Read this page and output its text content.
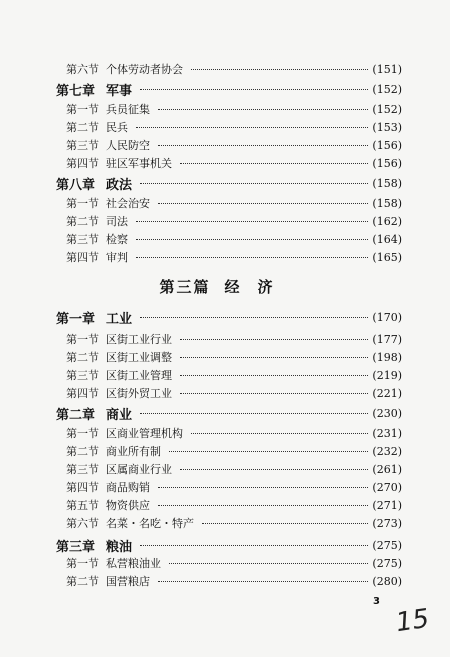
第六节 个体劳动者协会	(151)
第七章 军事	(152)
第一节 兵员征集	(152)
第二节 民兵	(153)
第三节 人民防空	(156)
第四节 驻区军事机关	(156)
第八章 政法	(158)
第一节 社会治安	(158)
第二节 司法	(162)
第三节 检察	(164)
第四节 审判	(165)
第一章 工业	(170)
第一节 区街工业行业	(177)
第二节 区街工业调整	(198)
第三节 区街工业管理	(219)
第四节 区街外贸工业	(221)
第二章 商业	(230)
第一节 区商业管理机构	(231)
第二节 商业所有制	(232)
第三节 区属商业行业	(261)
第四节 商品购销	(270)
第五节 物资供应	(271)
第六节 名菜・名吃・特产	(273)
第三章 粮油	(275)
第一节 私营粮油业	(275)
第二节 国营粮店	(280)
第三篇 经济
3
15
